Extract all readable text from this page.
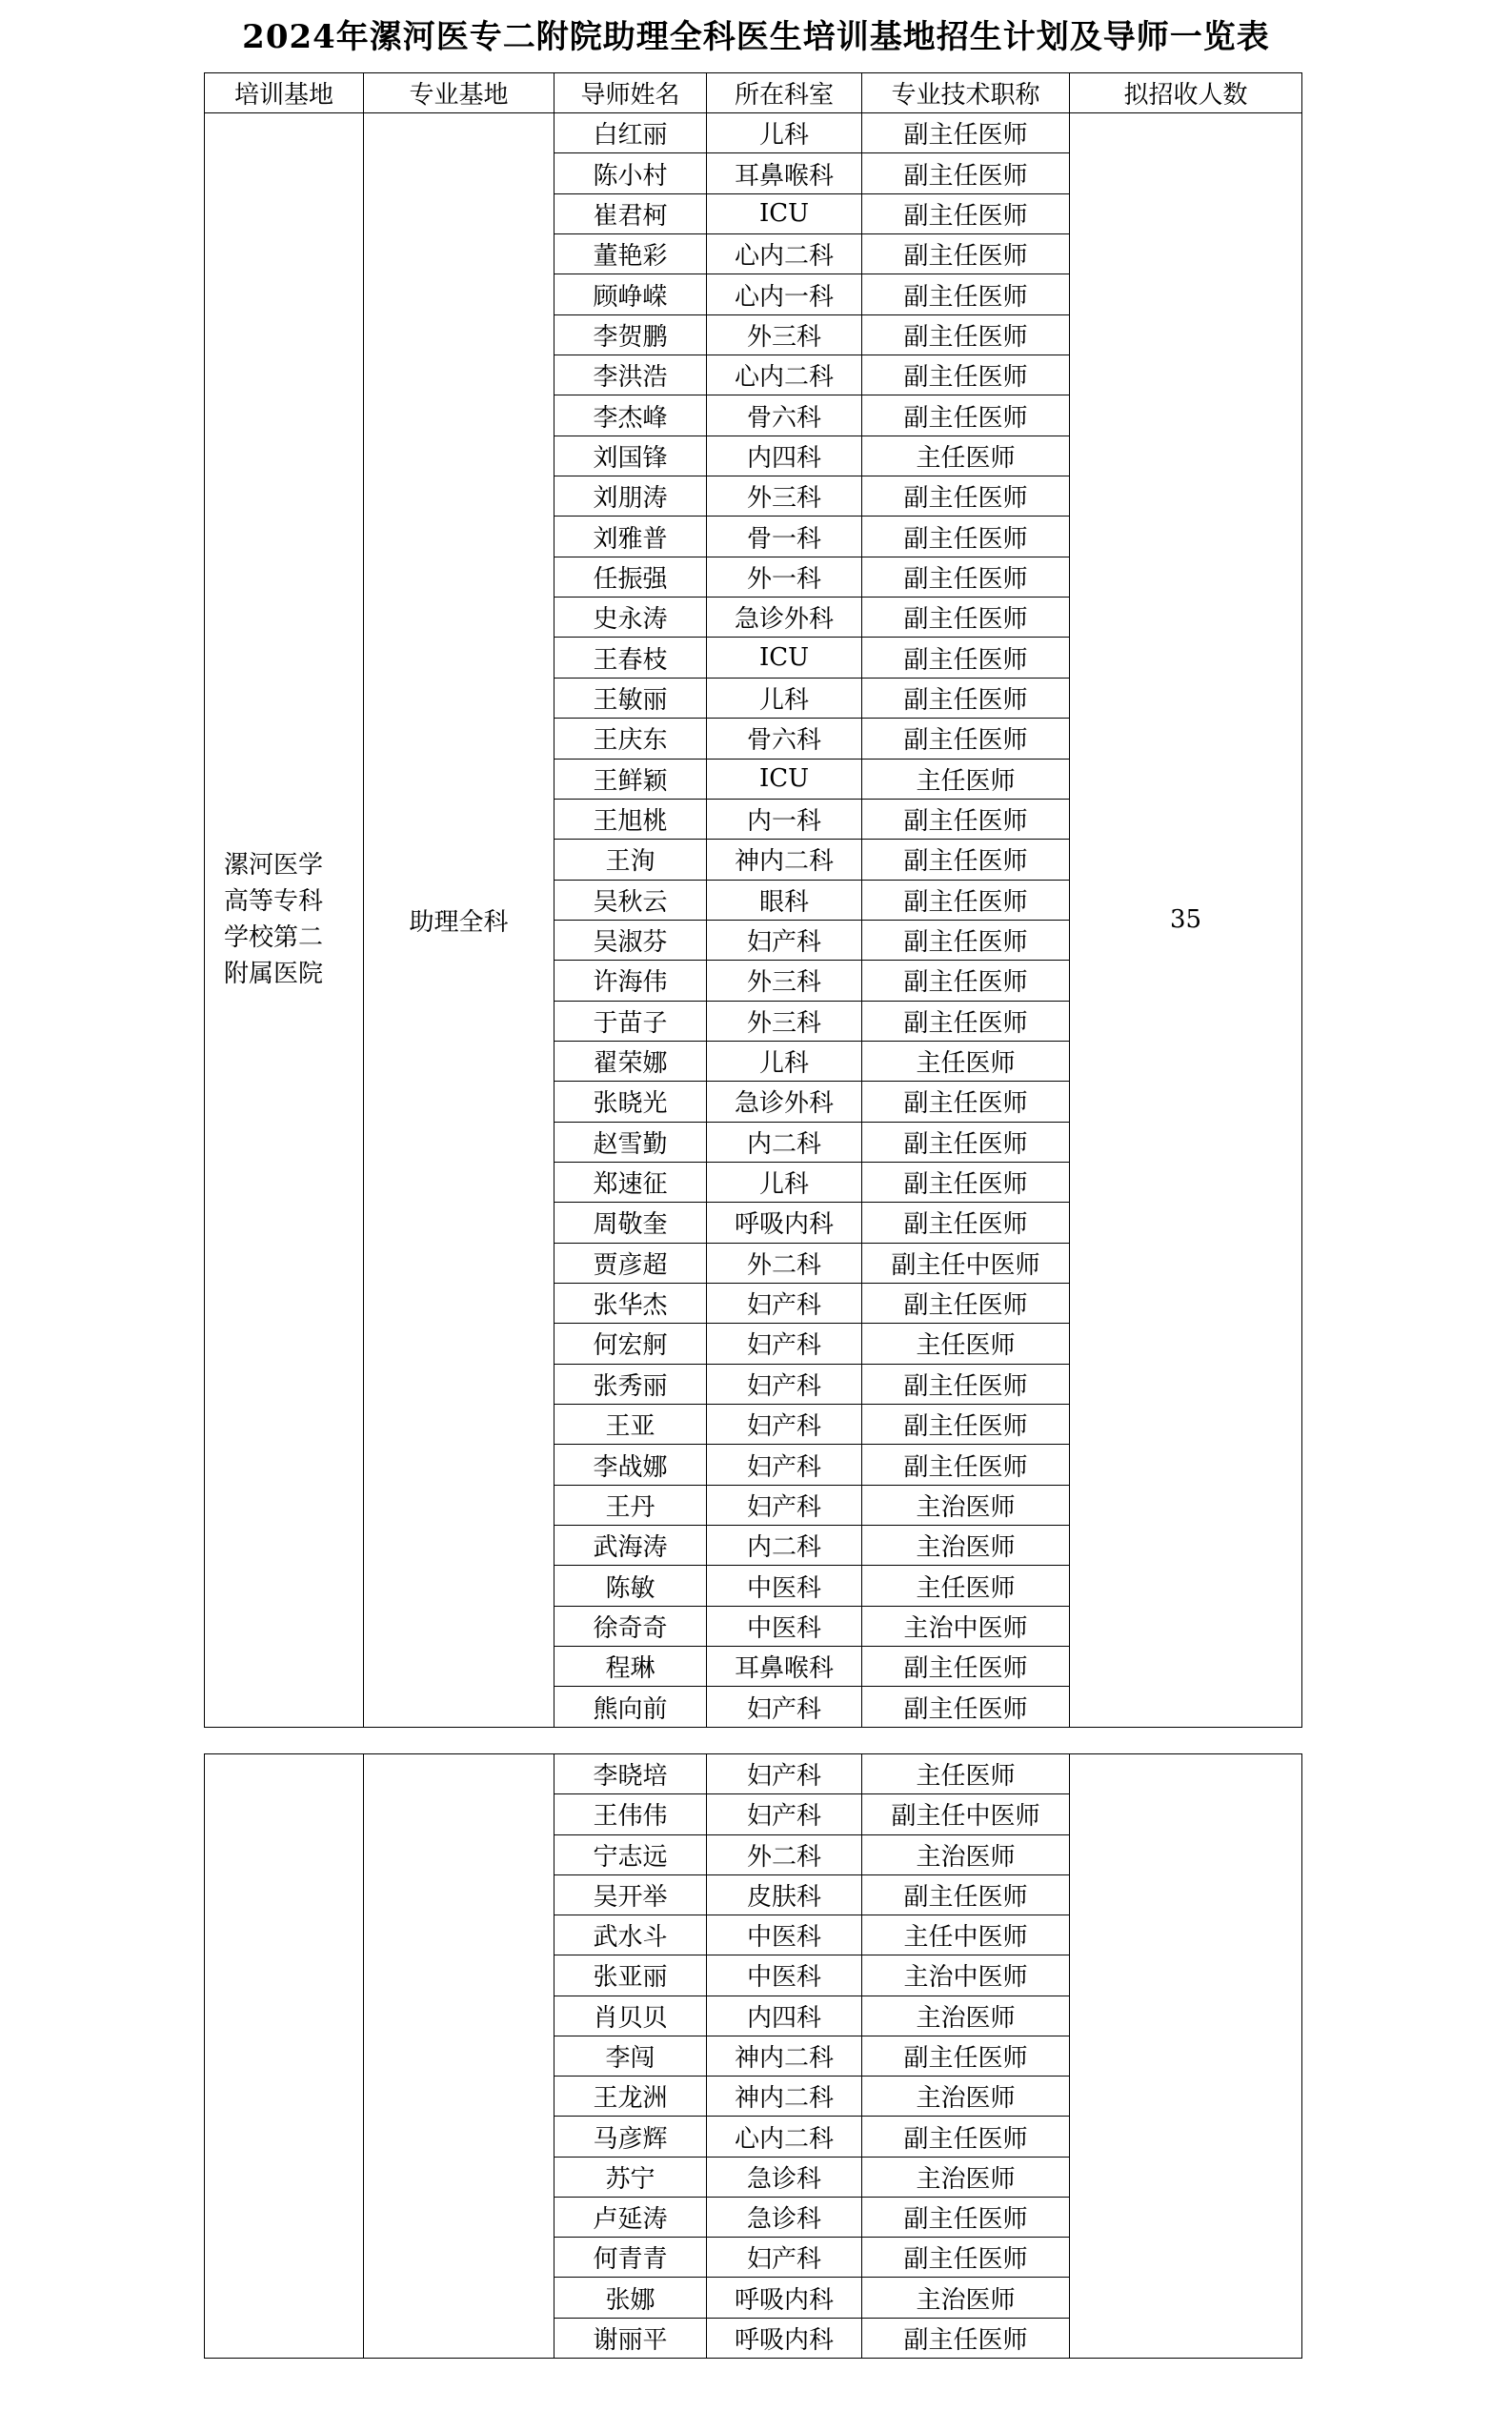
2024年漯河医专二附院助理全科医生培训基地招生计划及导师一览表
培训基地	专业基地	导师姓名	所在科室	专业技术职称	拟招收人数

漯河医学
高等专科
学校第二
附属医院	助理全科	白红丽	儿科	副主任医师	35
		陈小村	耳鼻喉科	副主任医师	
		崔君柯	ICU	副主任医师	
		董艳彩	心内二科	副主任医师	
		顾峥嵘	心内一科	副主任医师	
		李贺鹏	外三科	副主任医师	
		李洪浩	心内二科	副主任医师	
		李杰峰	骨六科	副主任医师	
		刘国锋	内四科	主任医师	
		刘朋涛	外三科	副主任医师	
		刘雅普	骨一科	副主任医师	
		任振强	外一科	副主任医师	
		史永涛	急诊外科	副主任医师	
		王春枝	ICU	副主任医师	
		王敏丽	儿科	副主任医师	
		王庆东	骨六科	副主任医师	
		王鲜颖	ICU	主任医师	
		王旭桃	内一科	副主任医师	
		王洵	神内二科	副主任医师	
		吴秋云	眼科	副主任医师	
		吴淑芬	妇产科	副主任医师	
		许海伟	外三科	副主任医师	
		于苗子	外三科	副主任医师	
		翟荣娜	儿科	主任医师	
		张晓光	急诊外科	副主任医师	
		赵雪勤	内二科	副主任医师	
		郑速征	儿科	副主任医师	
		周敬奎	呼吸内科	副主任医师	
		贾彦超	外二科	副主任中医师	
		张华杰	妇产科	副主任医师	
		何宏舸	妇产科	主任医师	
		张秀丽	妇产科	副主任医师	
		王亚	妇产科	副主任医师	
		李战娜	妇产科	副主任医师	
		王丹	妇产科	主治医师	
		武海涛	内二科	主治医师	
		陈敏	中医科	主任医师	
		徐奇奇	中医科	主治中医师	
		程琳	耳鼻喉科	副主任医师	
		熊向前	妇产科	副主任医师	
		李晓培	妇产科	主任医师	
		王伟伟	妇产科	副主任中医师	
		宁志远	外二科	主治医师	
		吴开举	皮肤科	副主任医师	
		武水斗	中医科	主任中医师	
		张亚丽	中医科	主治中医师	
		肖贝贝	内四科	主治医师	
		李闯	神内二科	副主任医师	
		王龙洲	神内二科	主治医师	
		马彦辉	心内二科	副主任医师	
		苏宁	急诊科	主治医师	
		卢延涛	急诊科	副主任医师	
		何青青	妇产科	副主任医师	
		张娜	呼吸内科	主治医师	
		谢丽平	呼吸内科	副主任医师	
